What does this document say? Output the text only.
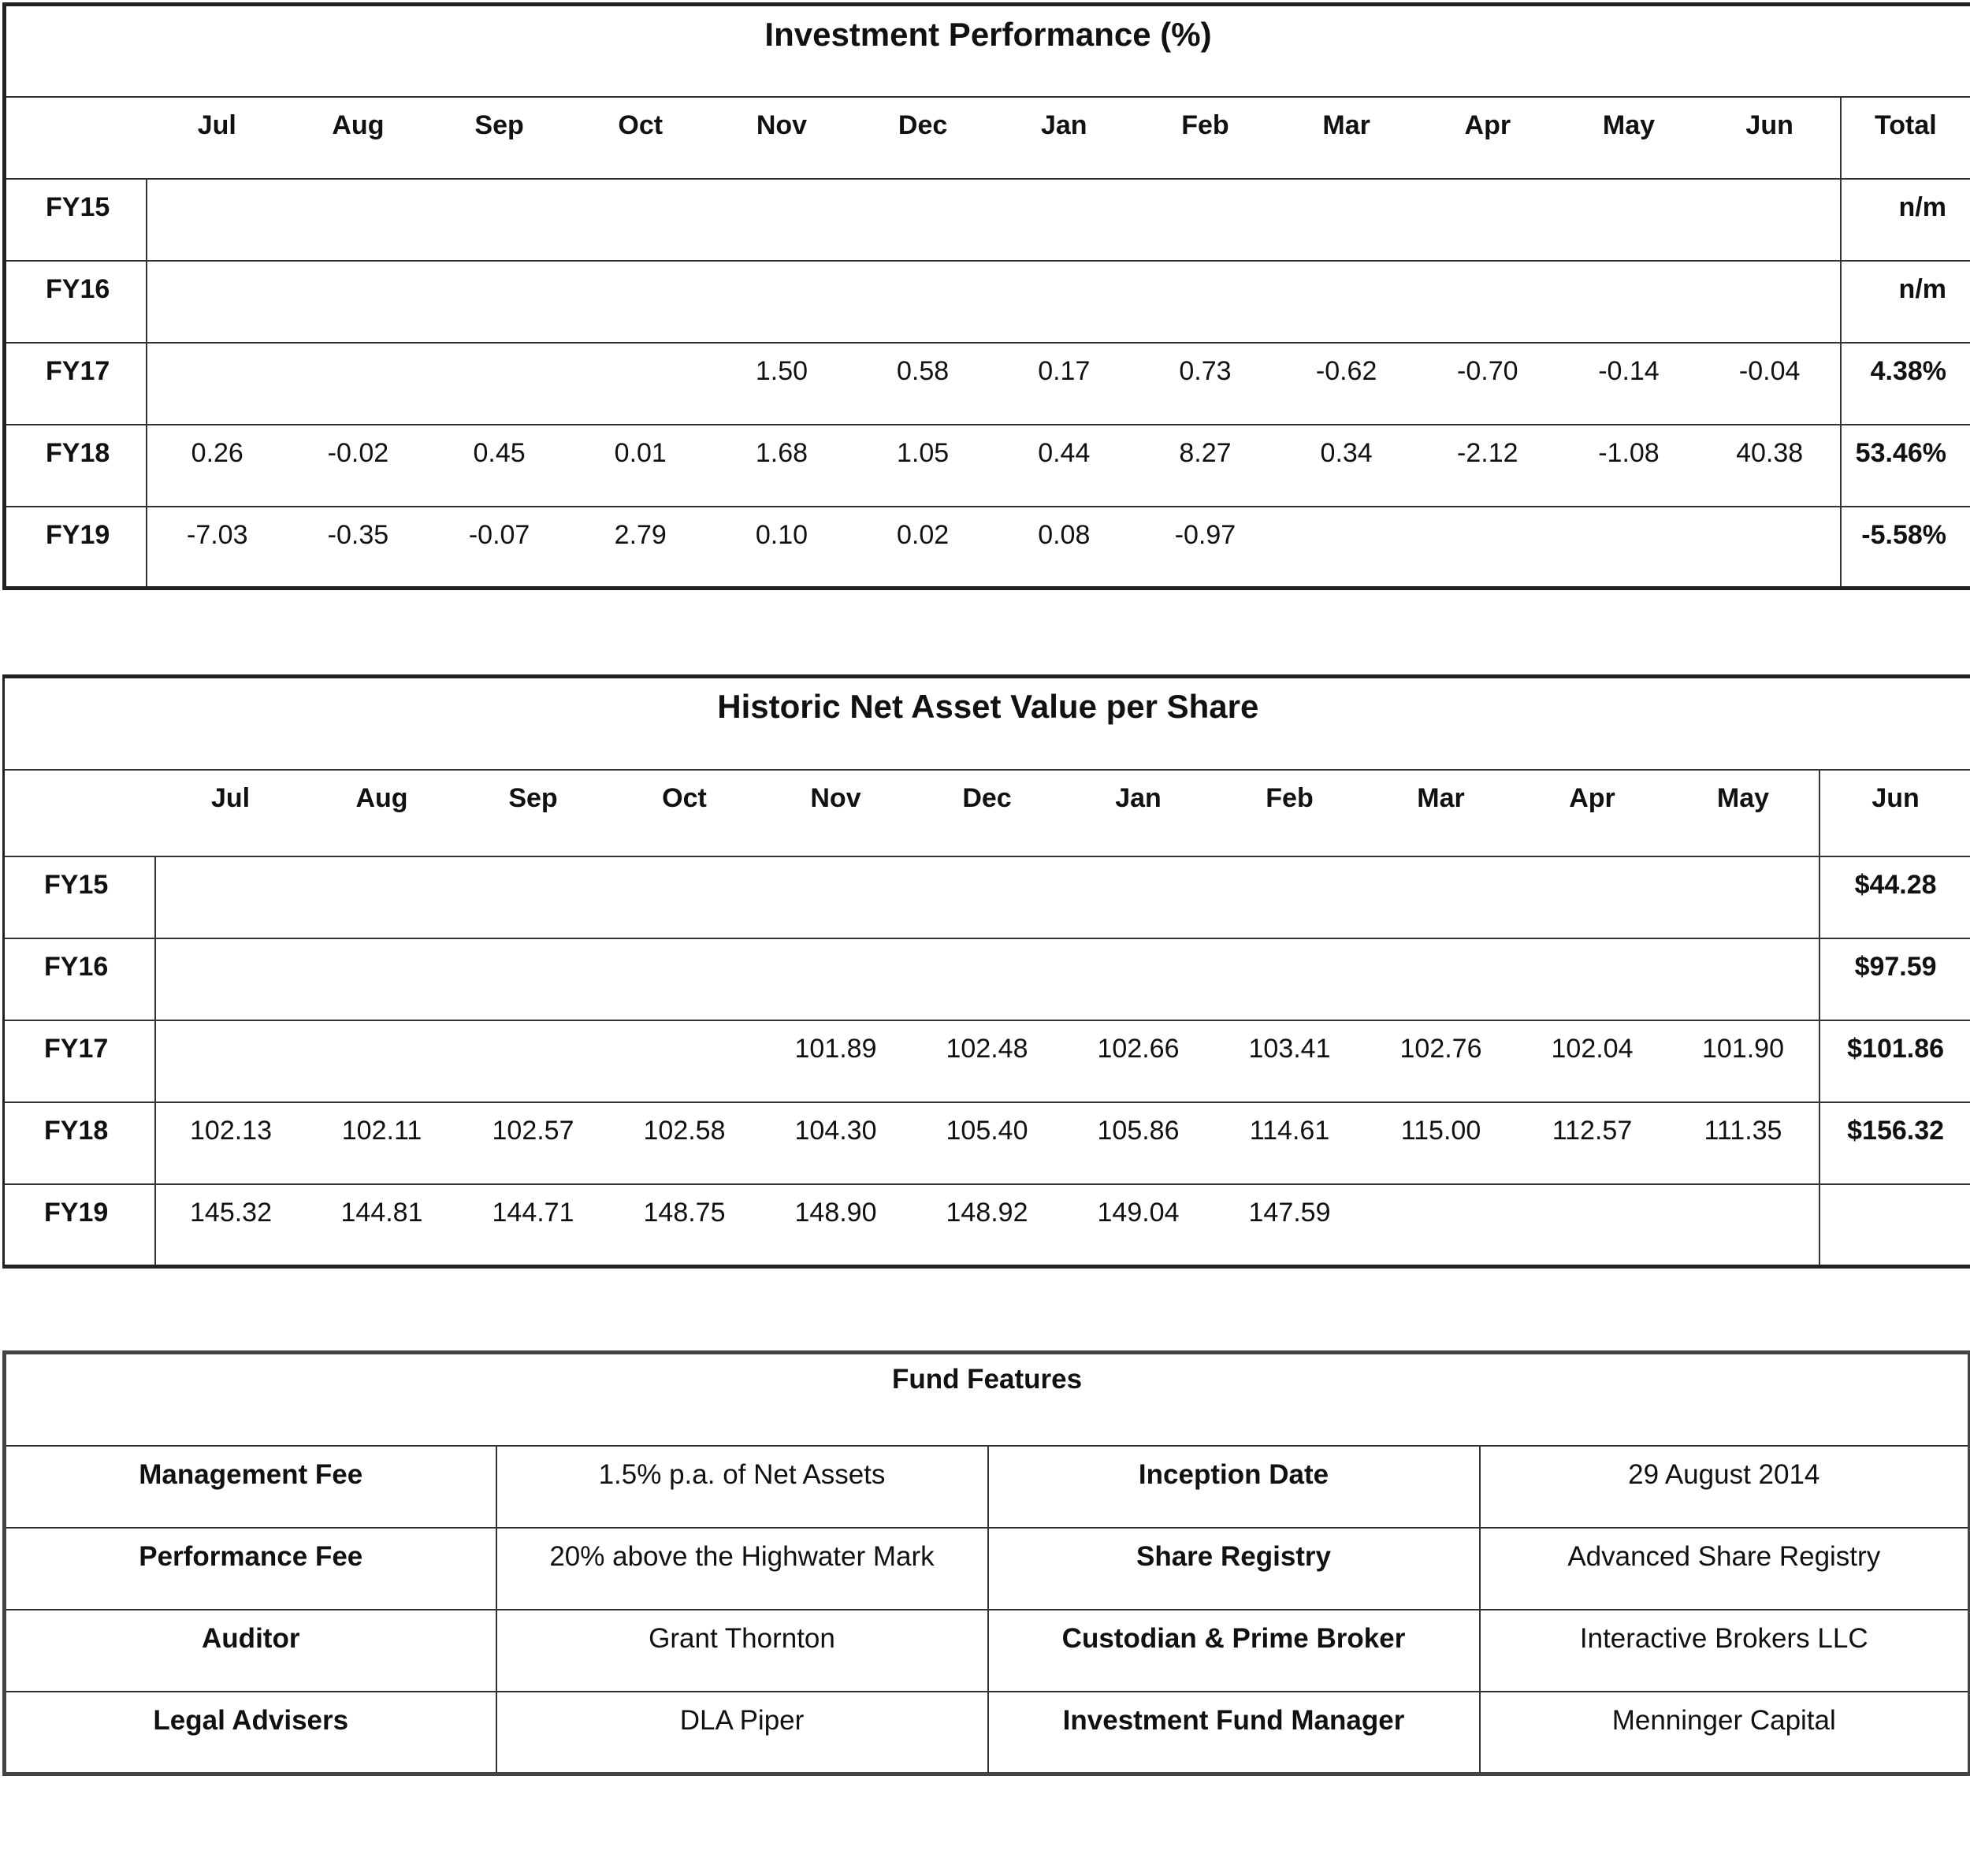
Investment Performance (%)													
	Jul	Aug	Sep	Oct	Nov	Dec	Jan	Feb	Mar	Apr	May	Jun	Total
FY15													n/m
FY16													n/m
FY17					1.50	0.58	0.17	0.73	-0.62	-0.70	-0.14	-0.04	4.38%
FY18	0.26	-0.02	0.45	0.01	1.68	1.05	0.44	8.27	0.34	-2.12	-1.08	40.38	53.46%
FY19	-7.03	-0.35	-0.07	2.79	0.10	0.02	0.08	-0.97					-5.58%
Historic Net Asset Value per Share												
	Jul	Aug	Sep	Oct	Nov	Dec	Jan	Feb	Mar	Apr	May	Jun
FY15												$44.28
FY16												$97.59
FY17					101.89	102.48	102.66	103.41	102.76	102.04	101.90	$101.86
FY18	102.13	102.11	102.57	102.58	104.30	105.40	105.86	114.61	115.00	112.57	111.35	$156.32
FY19	145.32	144.81	144.71	148.75	148.90	148.92	149.04	147.59				
Fund Features			
Management Fee	1.5% p.a. of Net Assets	Inception Date	29 August 2014
Performance Fee	20% above the Highwater Mark	Share Registry	Advanced Share Registry
Auditor	Grant Thornton	Custodian & Prime Broker	Interactive Brokers LLC
Legal Advisers	DLA Piper	Investment Fund Manager	Menninger Capital
